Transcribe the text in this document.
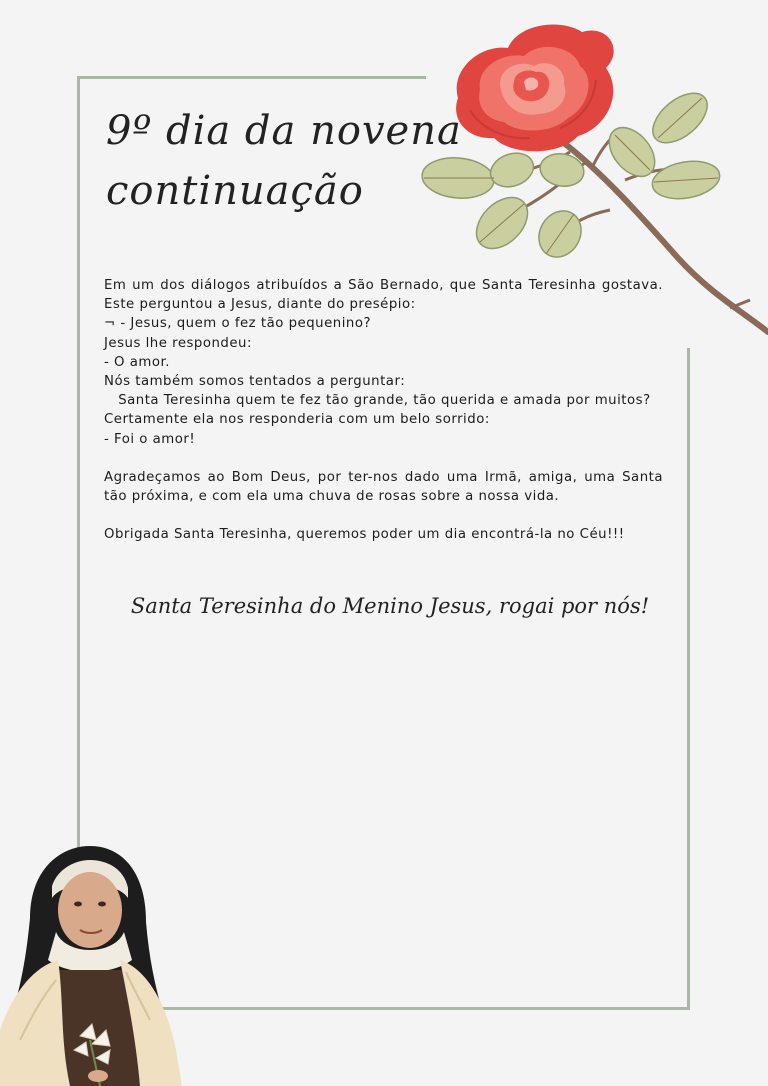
9º dia da novena
continuação

Em um dos diálogos atribuídos a São Bernado, que Santa Teresinha gostava. Este perguntou a Jesus, diante do presépio:

¬ - Jesus, quem o fez tão pequenino?

Jesus lhe respondeu:

- O amor.

Nós também somos tentados a perguntar:

Santa Teresinha quem te fez tão grande, tão querida e amada por muitos?

Certamente ela nos responderia com um belo sorrido:

- Foi o amor!

Agradeçamos ao Bom Deus, por ter-nos dado uma Irmã, amiga, uma Santa tão próxima, e com ela uma chuva de rosas sobre a nossa vida.

Obrigada Santa Teresinha, queremos poder um dia encontrá-la no Céu!!!

Santa Teresinha do Menino Jesus, rogai por nós!
